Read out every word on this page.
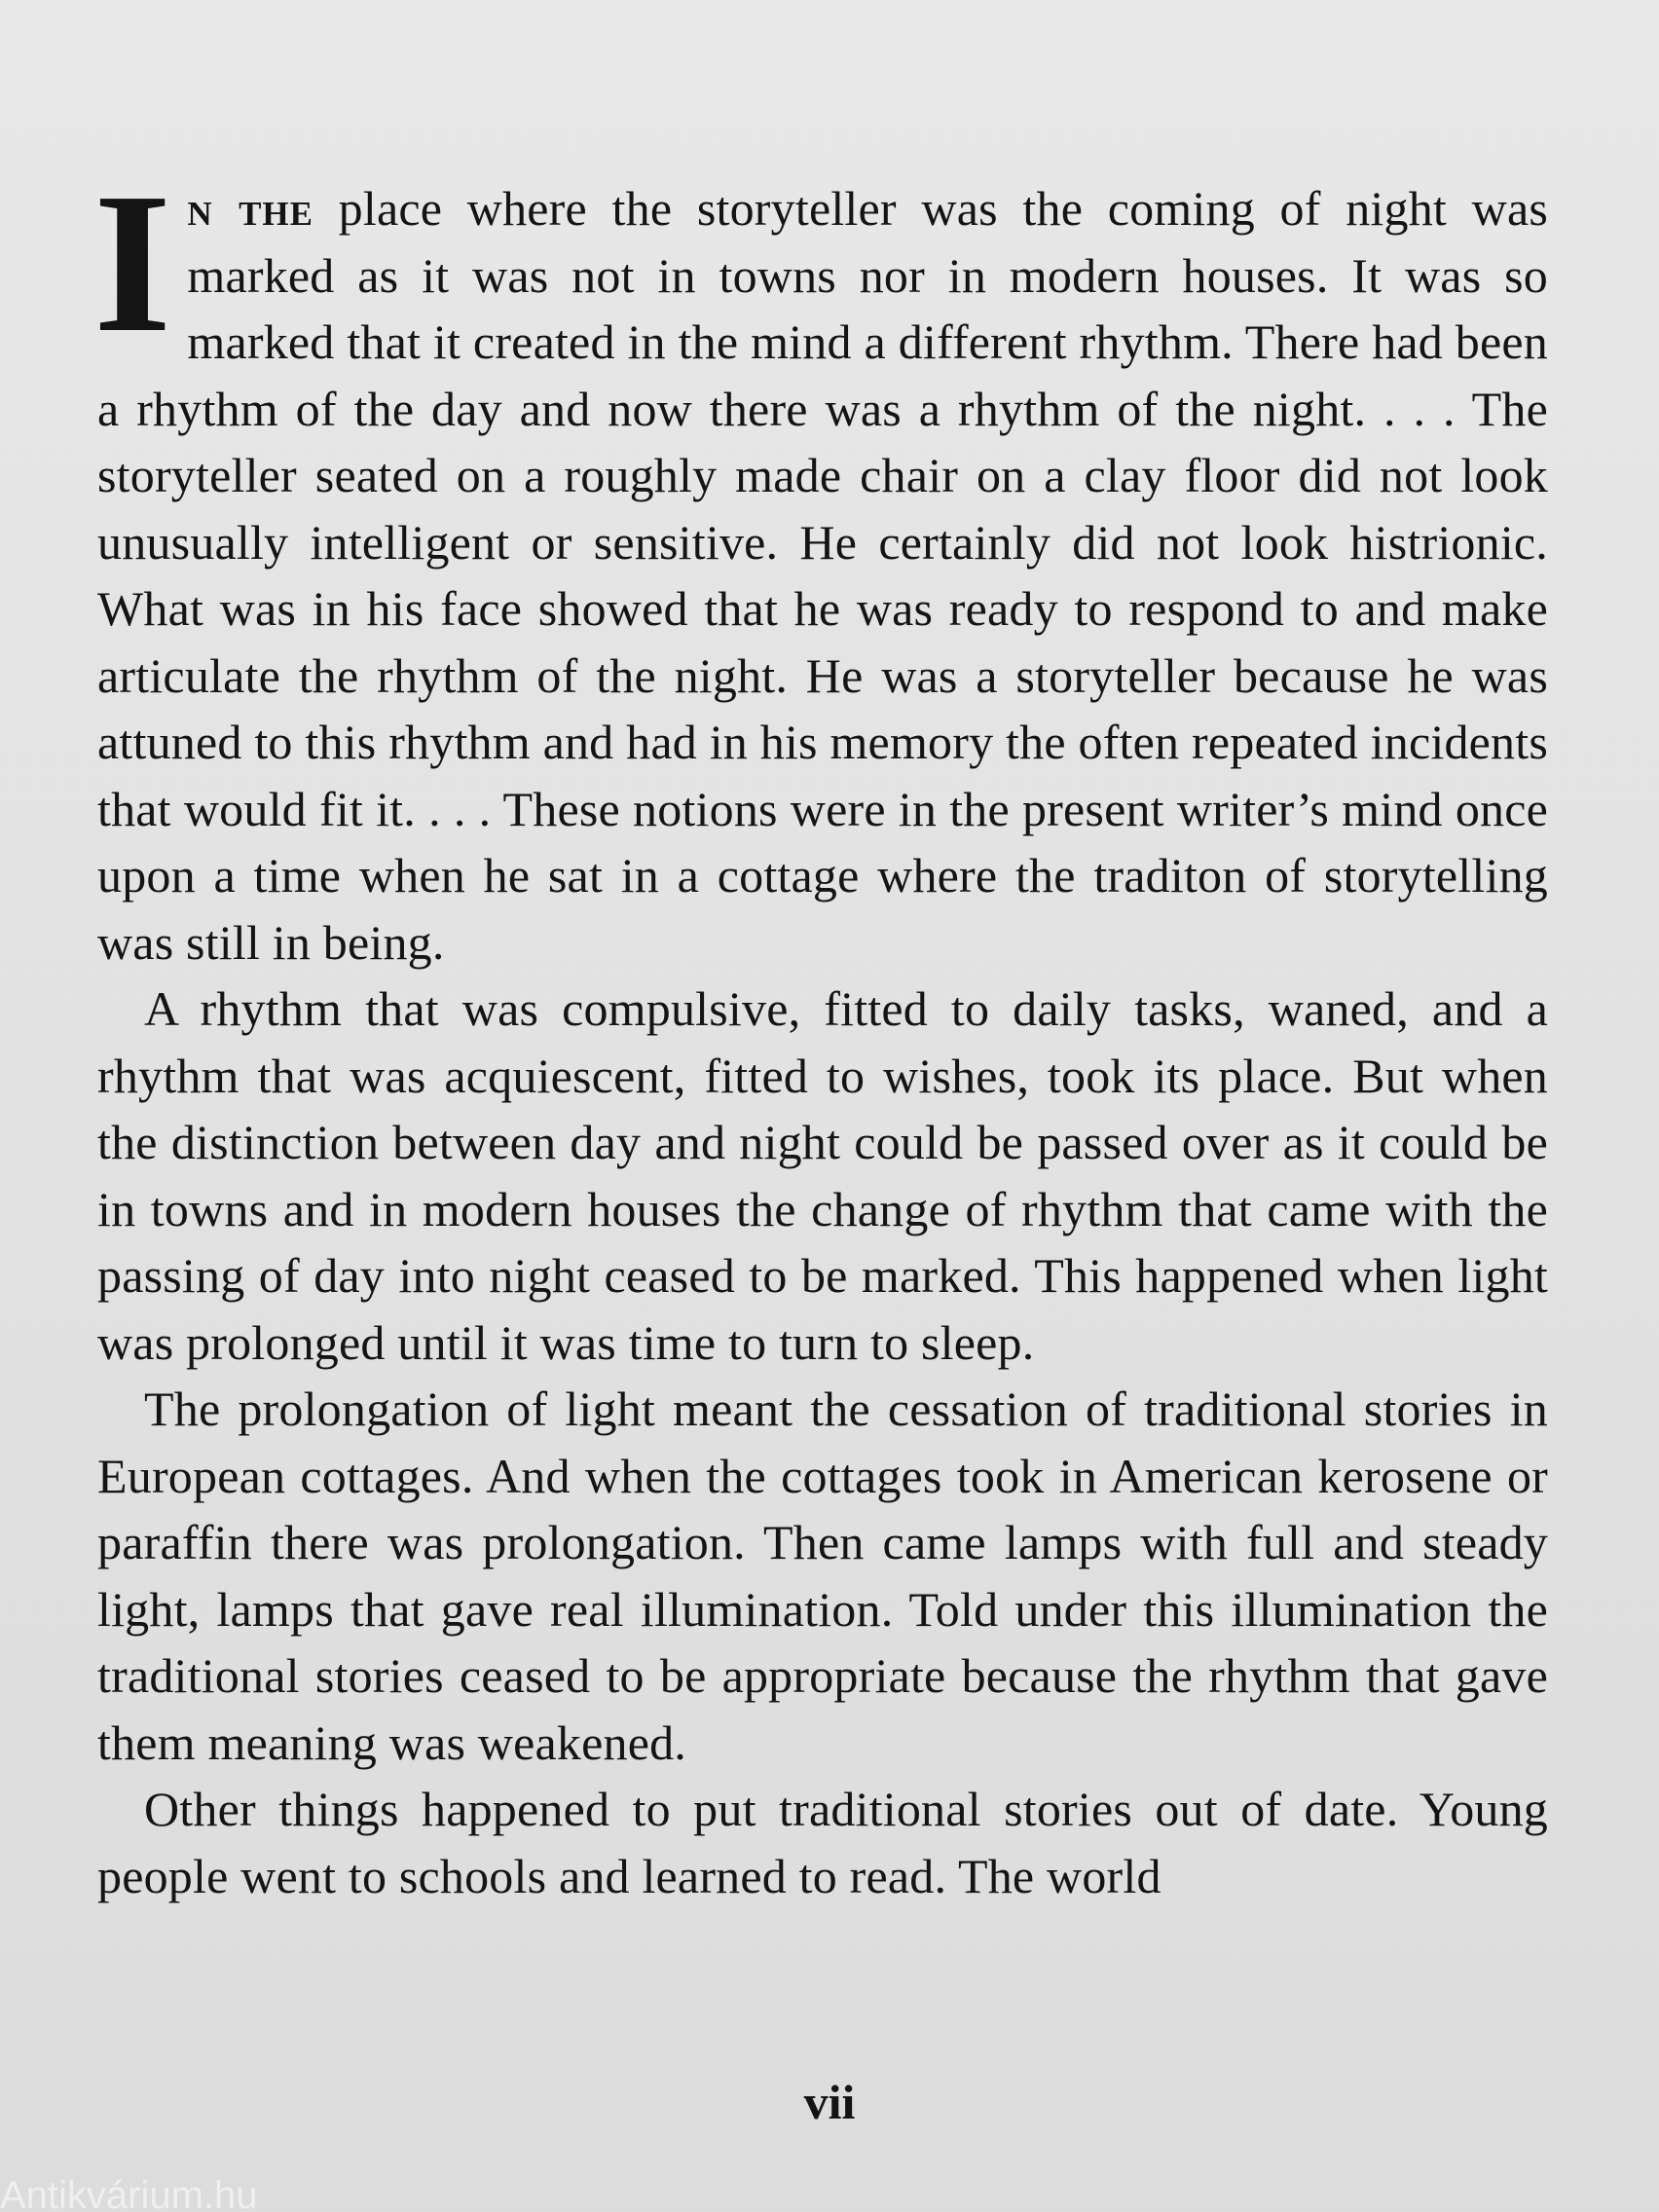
In the place where the storyteller was the coming of night was marked as it was not in towns nor in modern houses. It was so marked that it created in the mind a different rhythm. There had been a rhythm of the day and now there was a rhythm of the night. . . . The storyteller seated on a roughly made chair on a clay floor did not look unusually intelligent or sensitive. He certainly did not look histrionic. What was in his face showed that he was ready to respond to and make articulate the rhythm of the night. He was a storyteller because he was attuned to this rhythm and had in his memory the often repeated incidents that would fit it. . . . These notions were in the present writer’s mind once upon a time when he sat in a cottage where the traditon of storytelling was still in being.

A rhythm that was compulsive, fitted to daily tasks, waned, and a rhythm that was acquiescent, fitted to wishes, took its place. But when the distinction between day and night could be passed over as it could be in towns and in modern houses the change of rhythm that came with the passing of day into night ceased to be marked. This happened when light was prolonged until it was time to turn to sleep.

The prolongation of light meant the cessation of traditional stories in European cottages. And when the cottages took in American kerosene or paraffin there was prolongation. Then came lamps with full and steady light, lamps that gave real illumination. Told under this illumination the traditional stories ceased to be appropriate because the rhythm that gave them meaning was weakened.

Other things happened to put traditional stories out of date. Young people went to schools and learned to read. The world

vii
Antikvárium.hu
